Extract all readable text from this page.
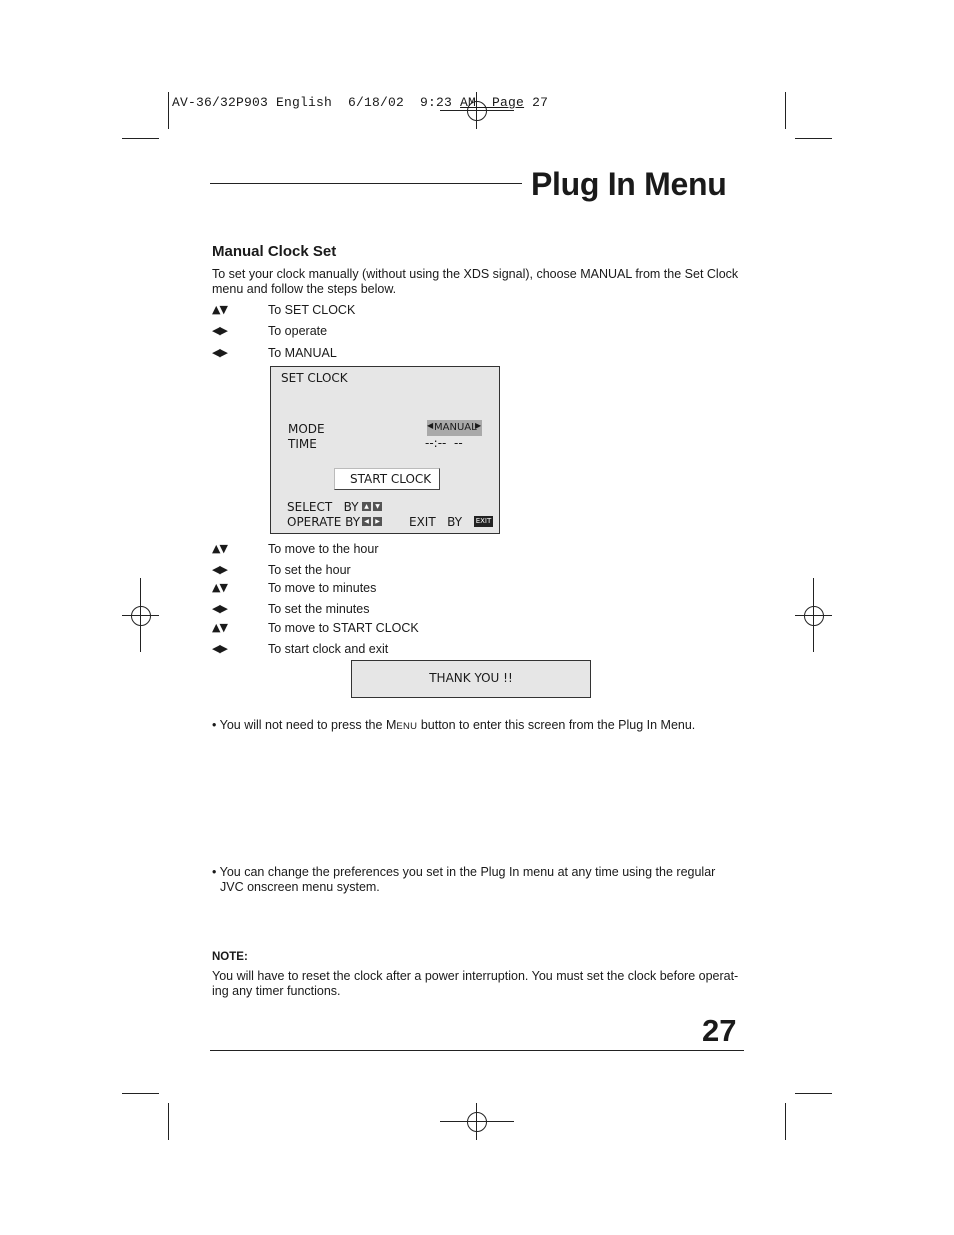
AV-36/32P903 English  6/18/02  9:23 AM  Page 27
Plug In Menu
Manual Clock Set
To set your clock manually (without using the XDS signal), choose MANUAL from the Set Clock
menu and follow the steps below.
▲▼	To SET CLOCK
◀▶	To operate
◀▶	To MANUAL
SET CLOCK
MODE	◀ MANUAL
▶
TIME	--:--  --
START CLOCK
SELECT   BY ▲	▼
OPERATE BY ◀	▶ EXIT   BY EXIT
▲▼	To move to the hour
◀▶	To set the hour
▲▼	To move to minutes
◀▶	To set the minutes
▲▼	To move to START CLOCK
◀▶	To start clock and exit
THANK YOU !!
• You will not need to press the MENU button to enter this screen from the Plug In Menu.
• You can change the preferences you set in the Plug In menu at any time using the regular
JVC onscreen menu system.
NOTE:
You will have to reset the clock after a power interruption. You must set the clock before operat-
ing any timer functions.
27
